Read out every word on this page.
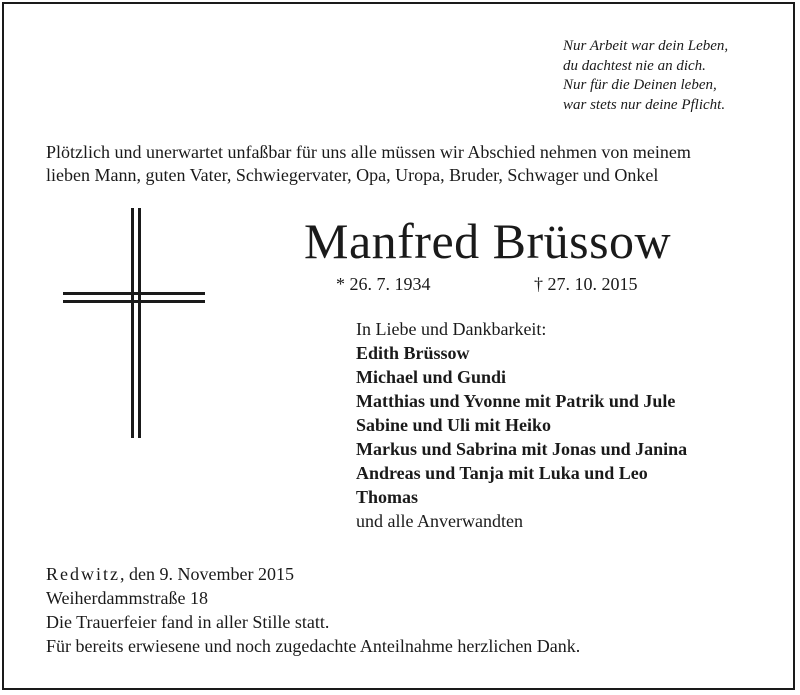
Nur Arbeit war dein Leben,
du dachtest nie an dich.
Nur für die Deinen leben,
war stets nur deine Pflicht.
Plötzlich und unerwartet unfaßbar für uns alle müssen wir Abschied nehmen von meinem
lieben Mann, guten Vater, Schwiegervater, Opa, Uropa, Bruder, Schwager und Onkel
Manfred Brüssow
* 26. 7. 1934	† 27. 10. 2015
In Liebe und Dankbarkeit:
Edith Brüssow
Michael und Gundi
Matthias und Yvonne mit Patrik und Jule
Sabine und Uli mit Heiko
Markus und Sabrina mit Jonas und Janina
Andreas und Tanja mit Luka und Leo
Thomas
und alle Anverwandten
Redwitz, den 9. November 2015
Weiherdammstraße 18
Die Trauerfeier fand in aller Stille statt.
Für bereits erwiesene und noch zugedachte Anteilnahme herzlichen Dank.
